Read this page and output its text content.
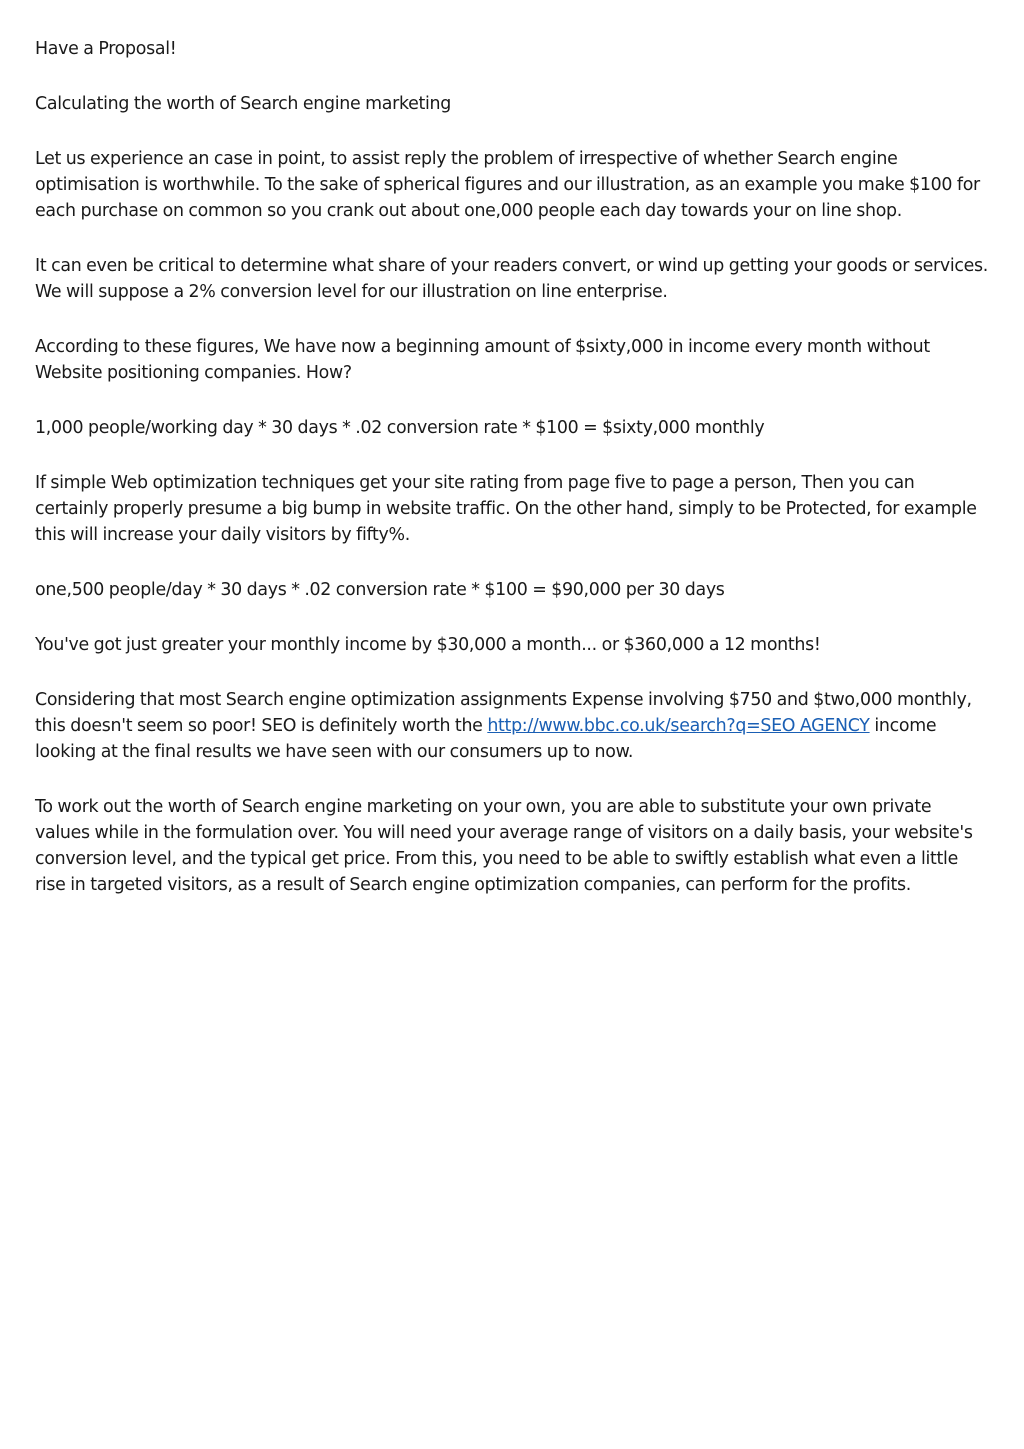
Have a Proposal!

Calculating the worth of Search engine marketing

Let us experience an case in point, to assist reply the problem of irrespective of whether Search engine optimisation is worthwhile. To the sake of spherical figures and our illustration, as an example you make $100 for each purchase on common so you crank out about one,000 people each day towards your on line shop.

It can even be critical to determine what share of your readers convert, or wind up getting your goods or services. We will suppose a 2% conversion level for our illustration on line enterprise.

According to these figures, We have now a beginning amount of $sixty,000 in income every month without Website positioning companies. How?

1,000 people/working day * 30 days * .02 conversion rate * $100 = $sixty,000 monthly

If simple Web optimization techniques get your site rating from page five to page a person, Then you can certainly properly presume a big bump in website traffic. On the other hand, simply to be Protected, for example this will increase your daily visitors by fifty%.

one,500 people/day * 30 days * .02 conversion rate * $100 = $90,000 per 30 days

You've got just greater your monthly income by $30,000 a month... or $360,000 a 12 months!

Considering that most Search engine optimization assignments Expense involving $750 and $two,000 monthly, this doesn't seem so poor! SEO is definitely worth the http://www.bbc.co.uk/search?q=SEO AGENCY income looking at the final results we have seen with our consumers up to now.

To work out the worth of Search engine marketing on your own, you are able to substitute your own private values while in the formulation over. You will need your average range of visitors on a daily basis, your website's conversion level, and the typical get price. From this, you need to be able to swiftly establish what even a little rise in targeted visitors, as a result of Search engine optimization companies, can perform for the profits.
